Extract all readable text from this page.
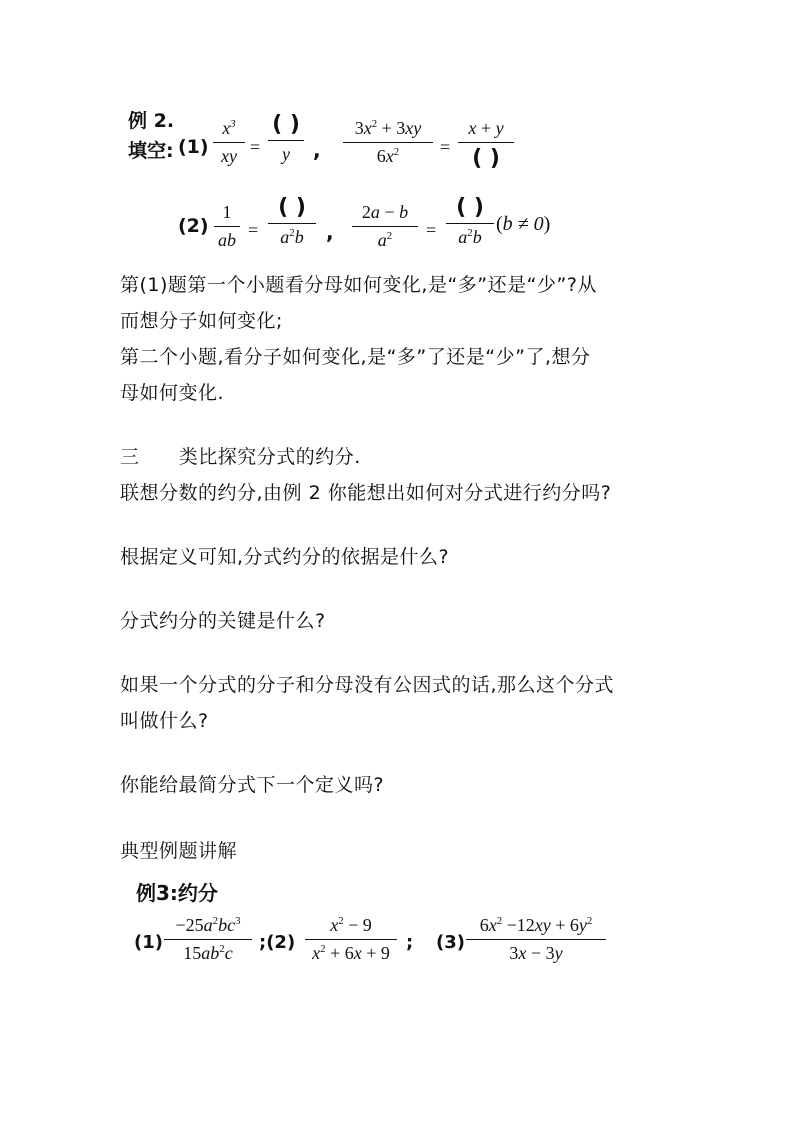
例 2.
填空: (1)
$x^3$
xy =
( )
y ,
$3x^2 + 3xy$
$6x^2$ =
x + y
( )
(2)
1
ab
=
( )
$a^2b$ ,
2a − b
$a^2$ =
( )
$a^2b$
(b ≠ 0)
第(1)题第一个小题看分母如何变化,是“多”还是“少”?从
而想分子如何变化;
第二个小题,看分子如何变化,是“多”了还是“少”了,想分
母如何变化.
三      类比探究分式的约分.
联想分数的约分,由例 2 你能想出如何对分式进行约分吗?
根据定义可知,分式约分的依据是什么?
分式约分的关键是什么?
如果一个分式的分子和分母没有公因式的话,那么这个分式
叫做什么?
你能给最简分式下一个定义吗?
典型例题讲解
例3:约分
(1)
$-25a^2bc^3$
$15ab^2c$
;(2)
$x^2 - 9$
$x^2 + 6x + 9$
; (3)
$6x^2 -12xy + 6y^2$
3x − 3y
